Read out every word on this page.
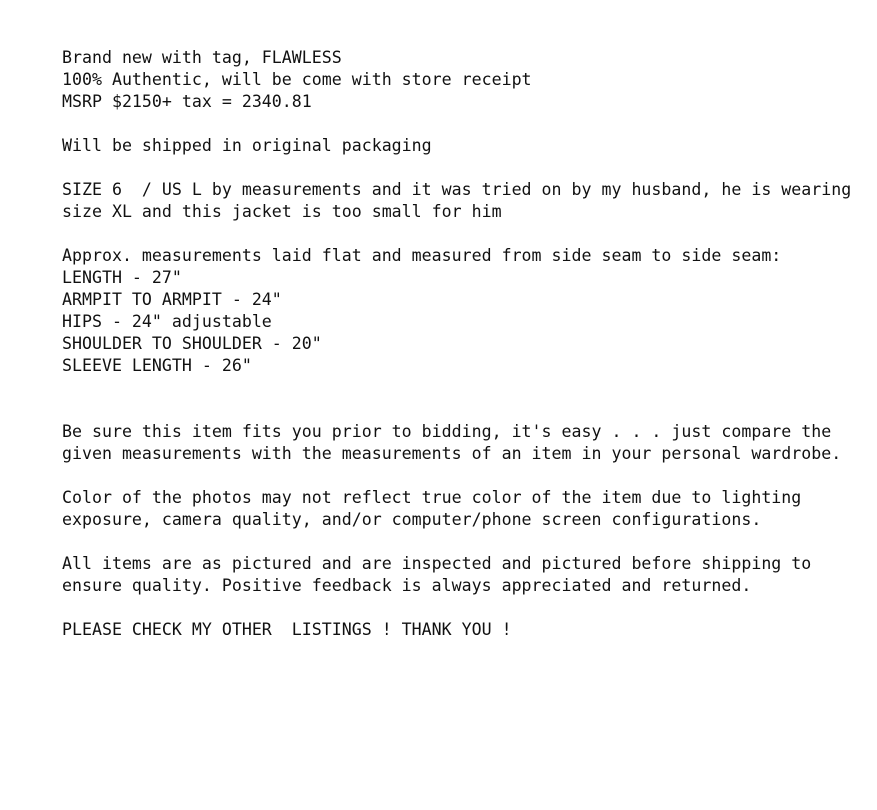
Brand new with tag, FLAWLESS
100% Authentic, will be come with store receipt
MSRP $2150+ tax = 2340.81
Will be shipped in original packaging
SIZE 6  / US L by measurements and it was tried on by my husband, he is wearing
size XL and this jacket is too small for him
Approx. measurements laid flat and measured from side seam to side seam:
LENGTH - 27"
ARMPIT TO ARMPIT - 24"
HIPS - 24" adjustable
SHOULDER TO SHOULDER - 20"
SLEEVE LENGTH - 26"
Be sure this item fits you prior to bidding, it's easy . . . just compare the
given measurements with the measurements of an item in your personal wardrobe.
Color of the photos may not reflect true color of the item due to lighting
exposure, camera quality, and/or computer/phone screen configurations.
All items are as pictured and are inspected and pictured before shipping to
ensure quality. Positive feedback is always appreciated and returned.
PLEASE CHECK MY OTHER  LISTINGS ! THANK YOU !
